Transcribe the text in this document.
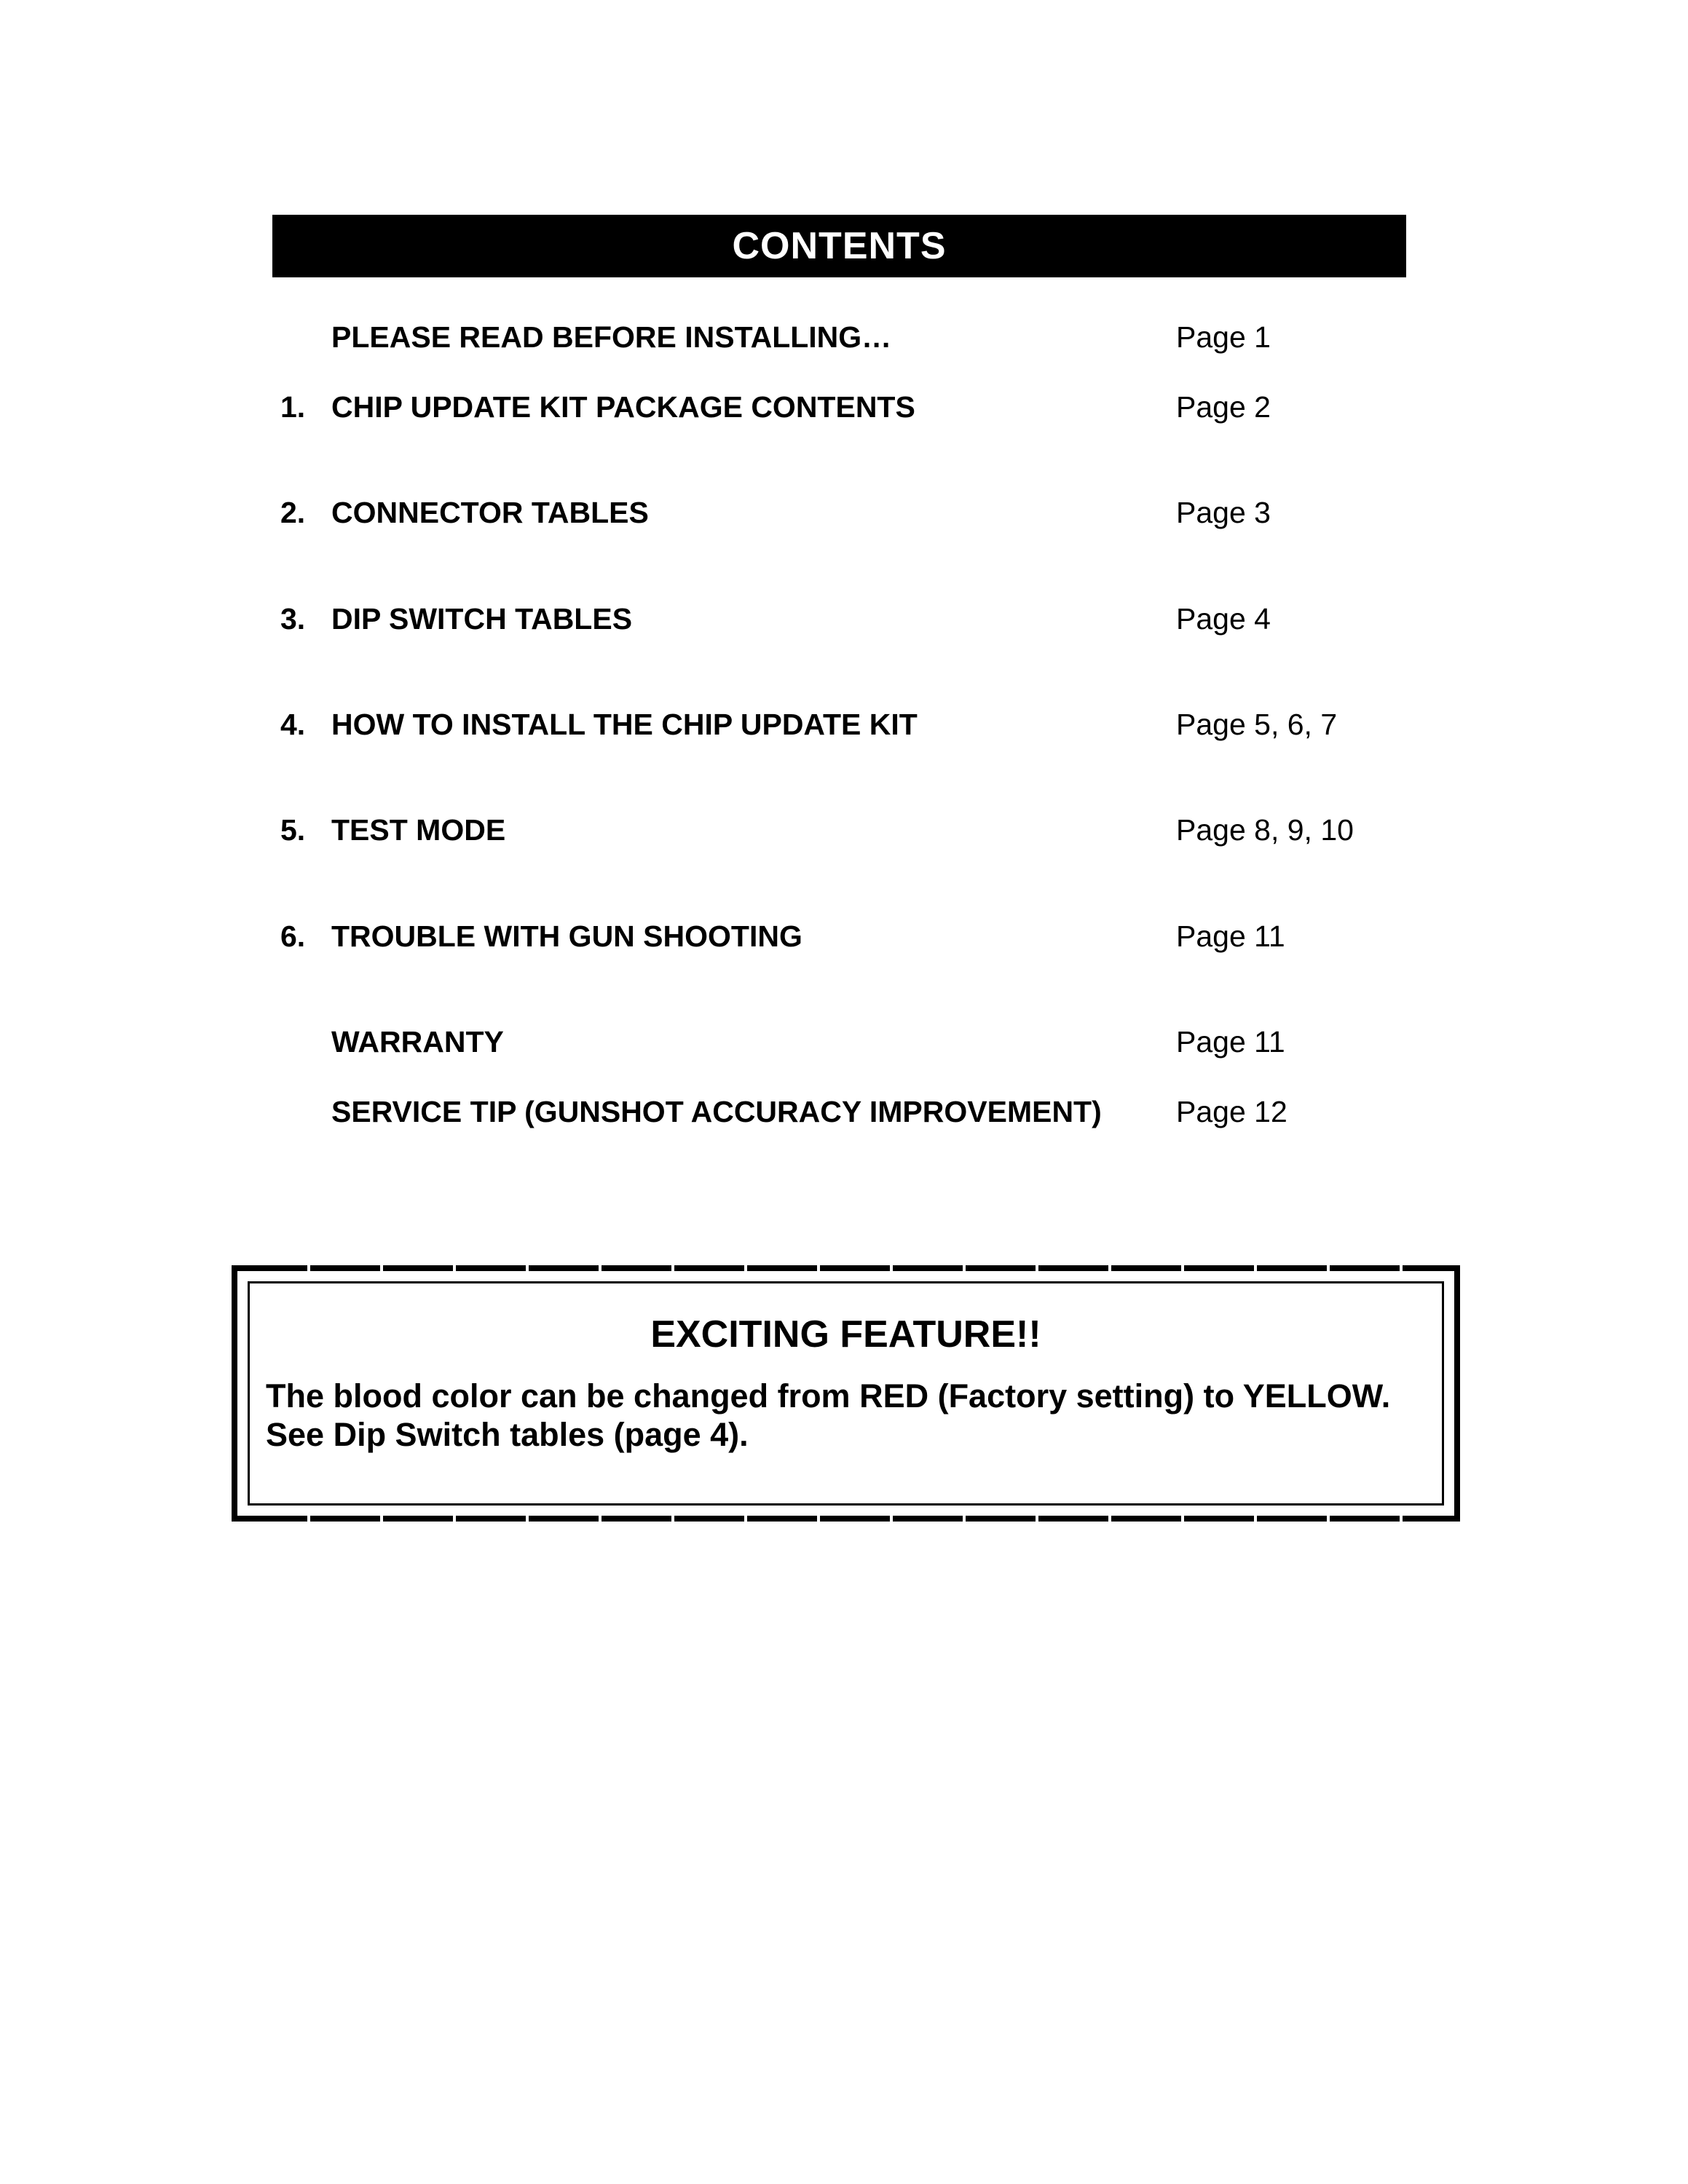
CONTENTS
PLEASE READ BEFORE INSTALLING…	Page 1
1. CHIP UPDATE KIT PACKAGE CONTENTS	Page 2
2. CONNECTOR TABLES	Page 3
3. DIP SWITCH TABLES	Page 4
4. HOW TO INSTALL THE CHIP UPDATE KIT	Page 5, 6, 7
5. TEST MODE	Page 8, 9, 10
6. TROUBLE WITH GUN SHOOTING	Page 11
WARRANTY	Page 11
SERVICE TIP (GUNSHOT ACCURACY IMPROVEMENT) Page 12
EXCITING FEATURE!!
The blood color can be changed from RED (Factory setting) to YELLOW.
See Dip Switch tables (page 4).
